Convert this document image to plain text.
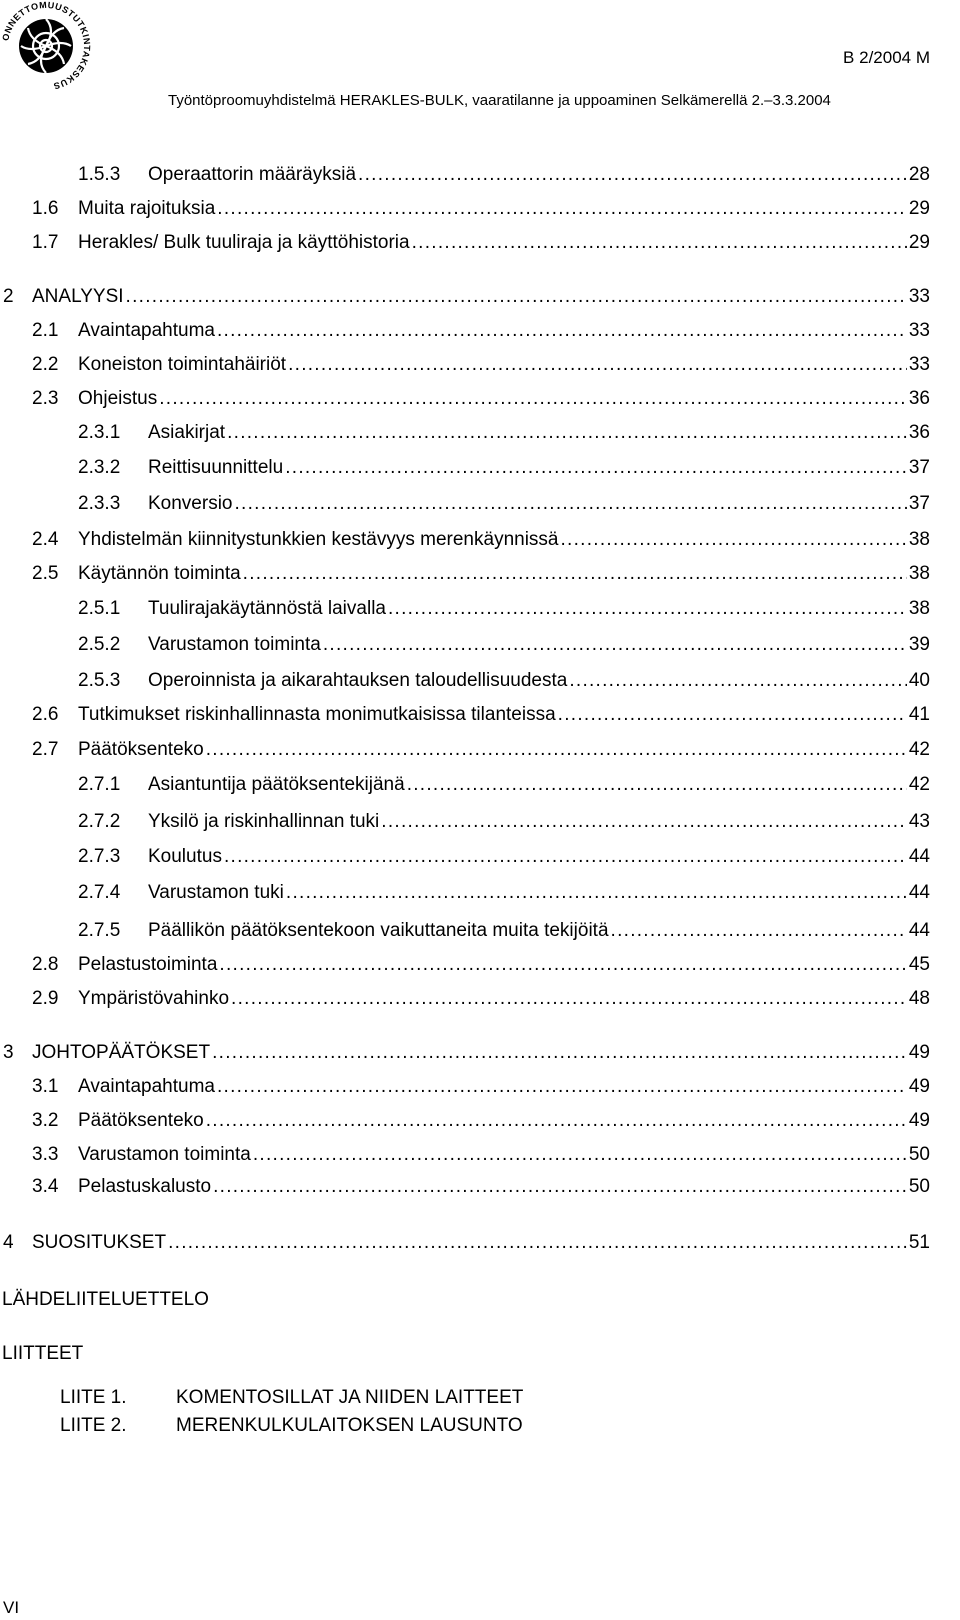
ONNETTOMUUSTUTKINTAKESKUS
B 2/2004 M
Työntöproomuyhdistelmä HERAKLES-BULK, vaaratilanne ja uppoaminen Selkämerellä 2.–3.3.2004
1.5.3	Operaattorin määräyksiä . . .	28
1.6	Muita rajoituksia . . .	29
1.7	Herakles/ Bulk tuuliraja ja käyttöhistoria . . .	29
2 ANALYYSI . . .	33
2.1	Avaintapahtuma . . .	33
2.2	Koneiston toimintahäiriöt . . .	33
2.3	Ohjeistus . . .	36
2.3.1	Asiakirjat . . .	36
2.3.2	Reittisuunnittelu . . .	37
2.3.3	Konversio . . .	37
2.4	Yhdistelmän kiinnitystunkkien kestävyys merenkäynnissä . . .	38
2.5	Käytännön toiminta . . .	38
2.5.1	Tuulirajakäytännöstä laivalla . . .	38
2.5.2	Varustamon toiminta . . .	39
2.5.3	Operoinnista ja aikarahtauksen taloudellisuudesta . . .	40
2.6	Tutkimukset riskinhallinnasta monimutkaisissa tilanteissa . . .	41
2.7	Päätöksenteko . . .	42
2.7.1	Asiantuntija päätöksentekijänä . . .	42
2.7.2	Yksilö ja riskinhallinnan tuki . . .	43
2.7.3	Koulutus . . .	44
2.7.4	Varustamon tuki . . .	44
2.7.5	Päällikön päätöksentekoon vaikuttaneita muita tekijöitä . . .	44
2.8	Pelastustoiminta . . .	45
2.9	Ympäristövahinko . . .	48
3 JOHTOPÄÄTÖKSET . . .	49
3.1	Avaintapahtuma . . .	49
3.2	Päätöksenteko . . .	49
3.3	Varustamon toiminta . . .	50
3.4	Pelastuskalusto . . .	50
4 SUOSITUKSET . . .	51
LÄHDELIITELUETTELO
LIITTEET
LIITE 1.	KOMENTOSILLAT JA NIIDEN LAITTEET
LIITE 2.	MERENKULKULAITOKSEN LAUSUNTO
VI
